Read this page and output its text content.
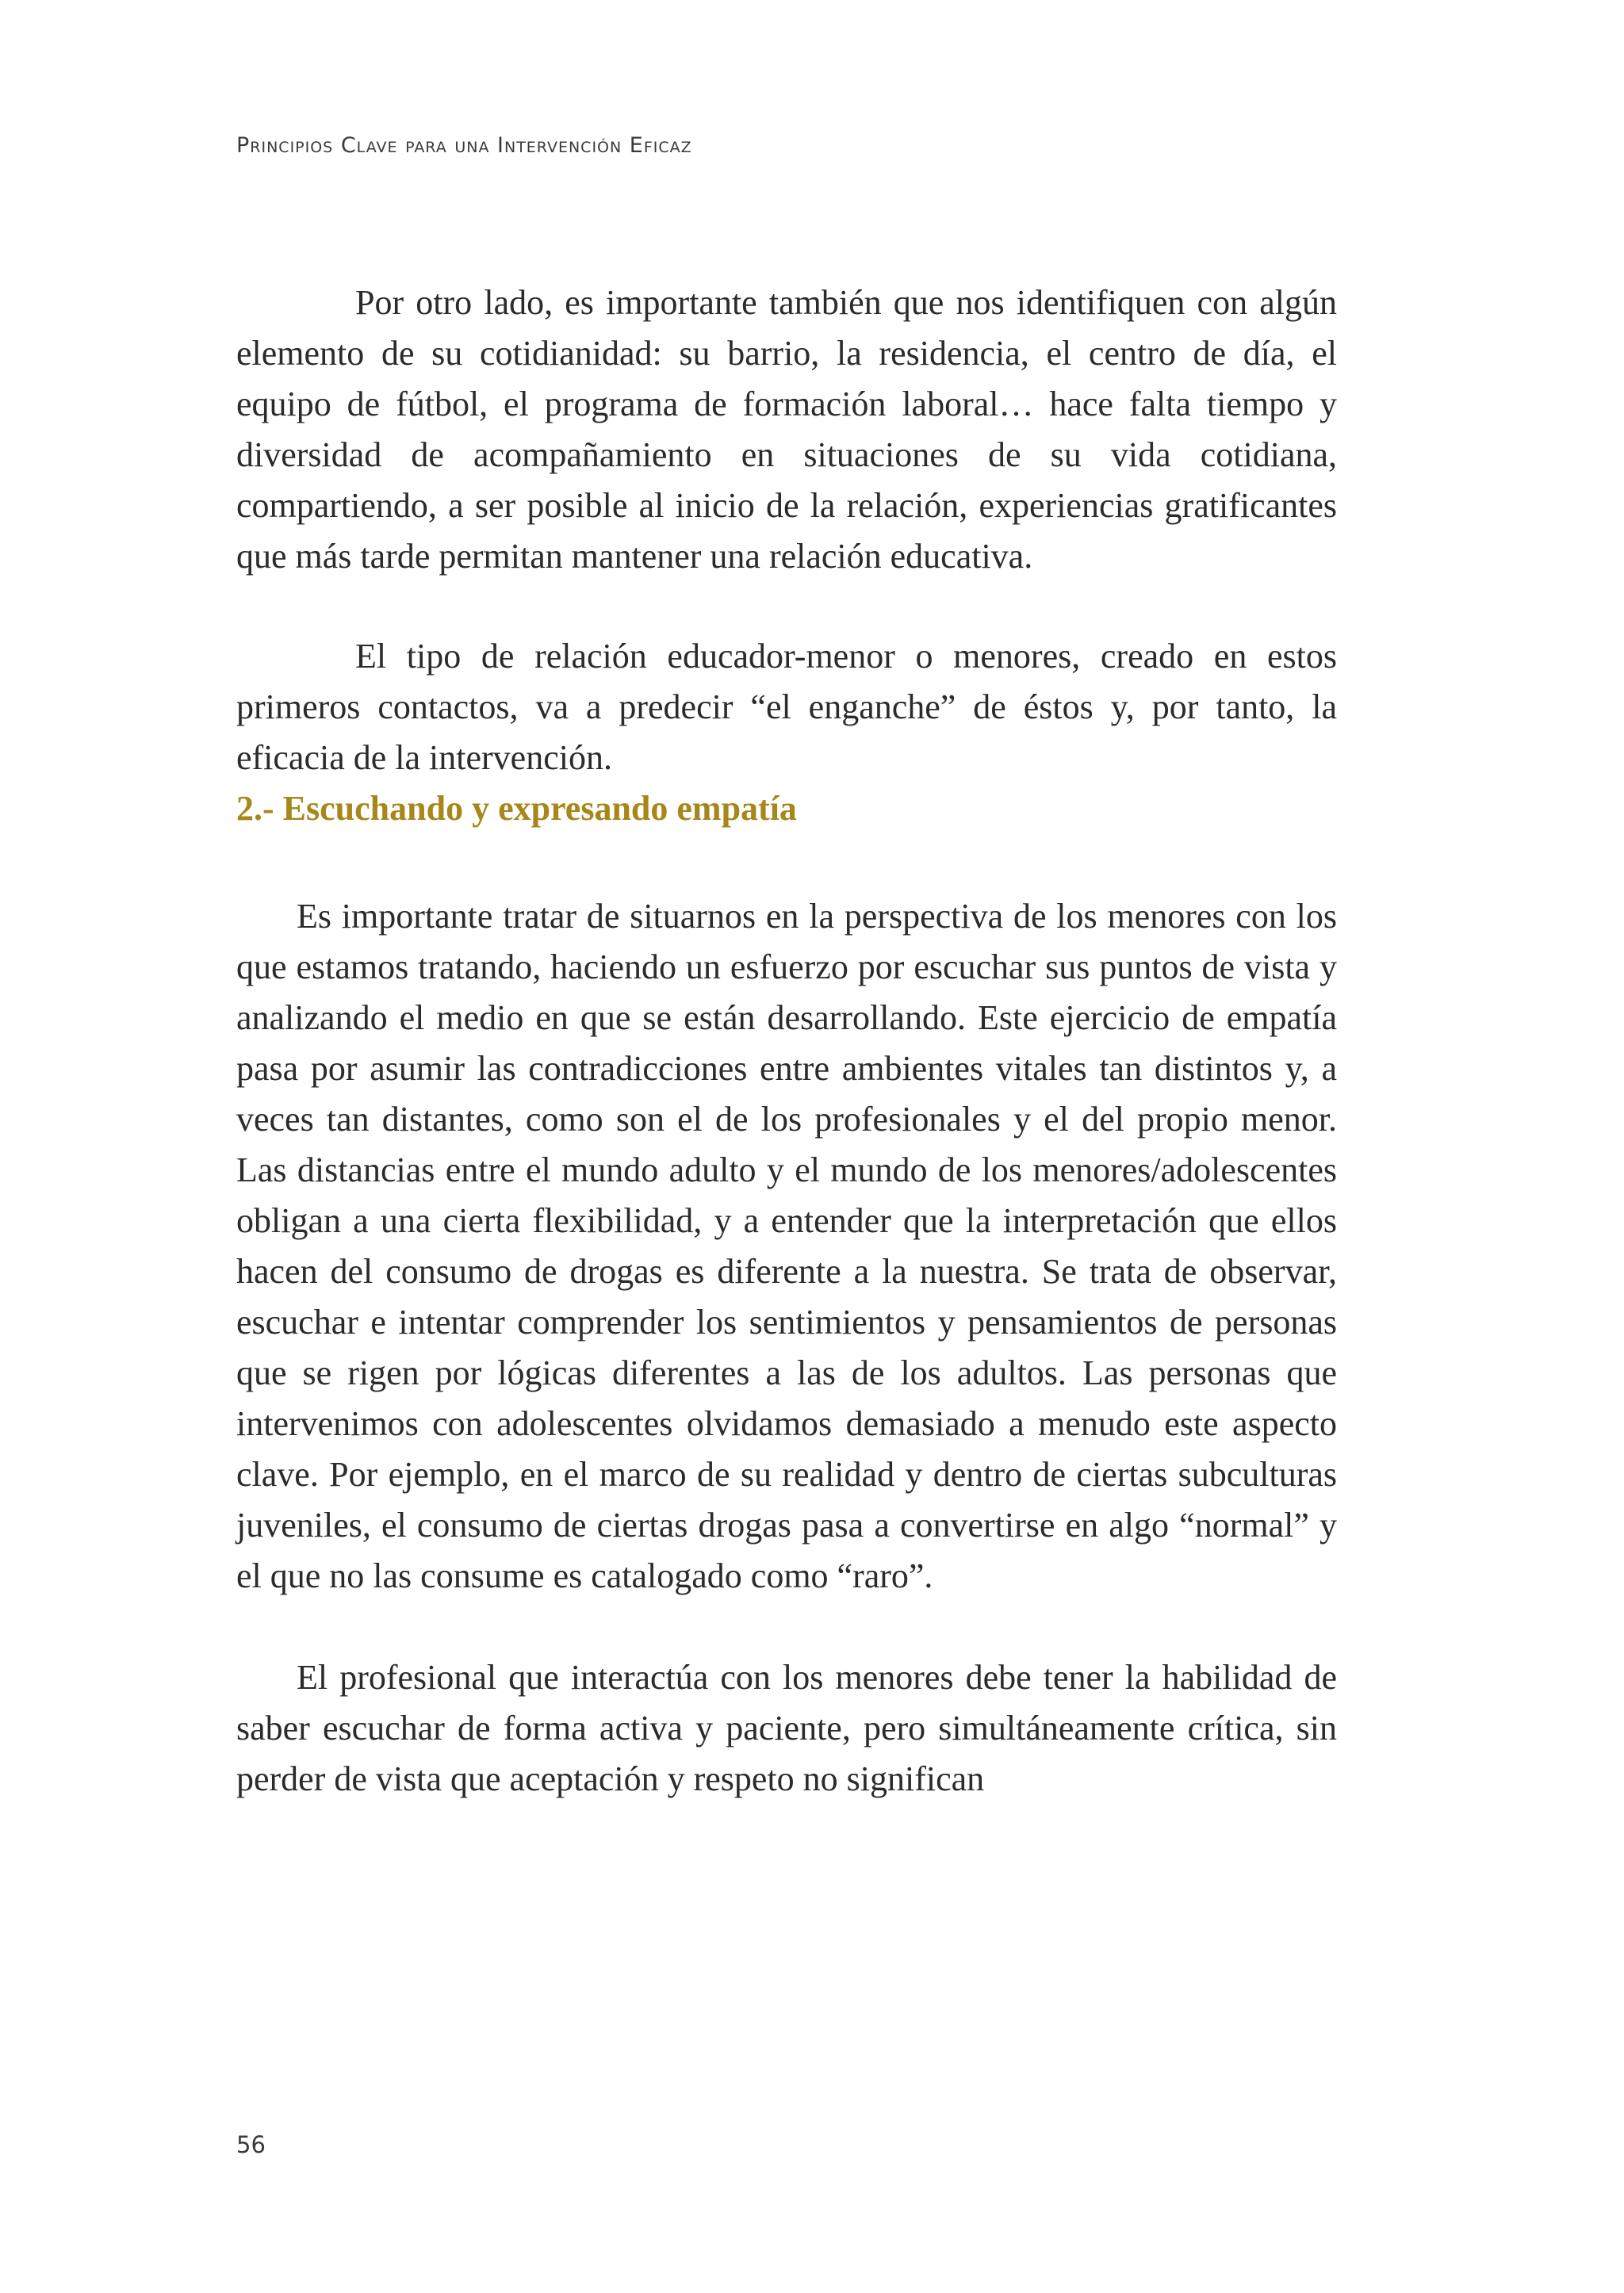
Principios Clave para una Intervención Eficaz

Por otro lado, es importante también que nos identifiquen con algún elemento de su cotidianidad: su barrio, la residencia, el centro de día, el equipo de fútbol, el programa de formación laboral… hace falta tiempo y diversidad de acompañamiento en situaciones de su vida cotidiana, compartiendo, a ser posible al inicio de la relación, experiencias gratificantes que más tarde permitan mantener una relación educativa.

El tipo de relación educador-menor o menores, creado en estos primeros contactos, va a predecir “el enganche” de éstos y, por tanto, la eficacia de la intervención.

2.- Escuchando y expresando empatía

Es importante tratar de situarnos en la perspectiva de los menores con los que estamos tratando, haciendo un esfuerzo por escuchar sus puntos de vista y analizando el medio en que se están desarrollando. Este ejercicio de empatía pasa por asumir las contradicciones entre ambientes vitales tan distintos y, a veces tan distantes, como son el de los profesionales y el del propio menor. Las distancias entre el mundo adulto y el mundo de los menores/adolescentes obligan a una cierta flexibilidad, y a entender que la interpretación que ellos hacen del consumo de drogas es diferente a la nuestra. Se trata de observar, escuchar e intentar comprender los sentimientos y pensamientos de personas que se rigen por lógicas diferentes a las de los adultos. Las personas que intervenimos con adolescentes olvidamos demasiado a menudo este aspecto clave. Por ejemplo, en el marco de su realidad y dentro de ciertas subculturas juveniles, el consumo de ciertas drogas pasa a convertirse en algo “normal” y el que no las consume es catalogado como “raro”.

El profesional que interactúa con los menores debe tener la habilidad de saber escuchar de forma activa y paciente, pero simultáneamente crítica, sin perder de vista que aceptación y respeto no significan

56
